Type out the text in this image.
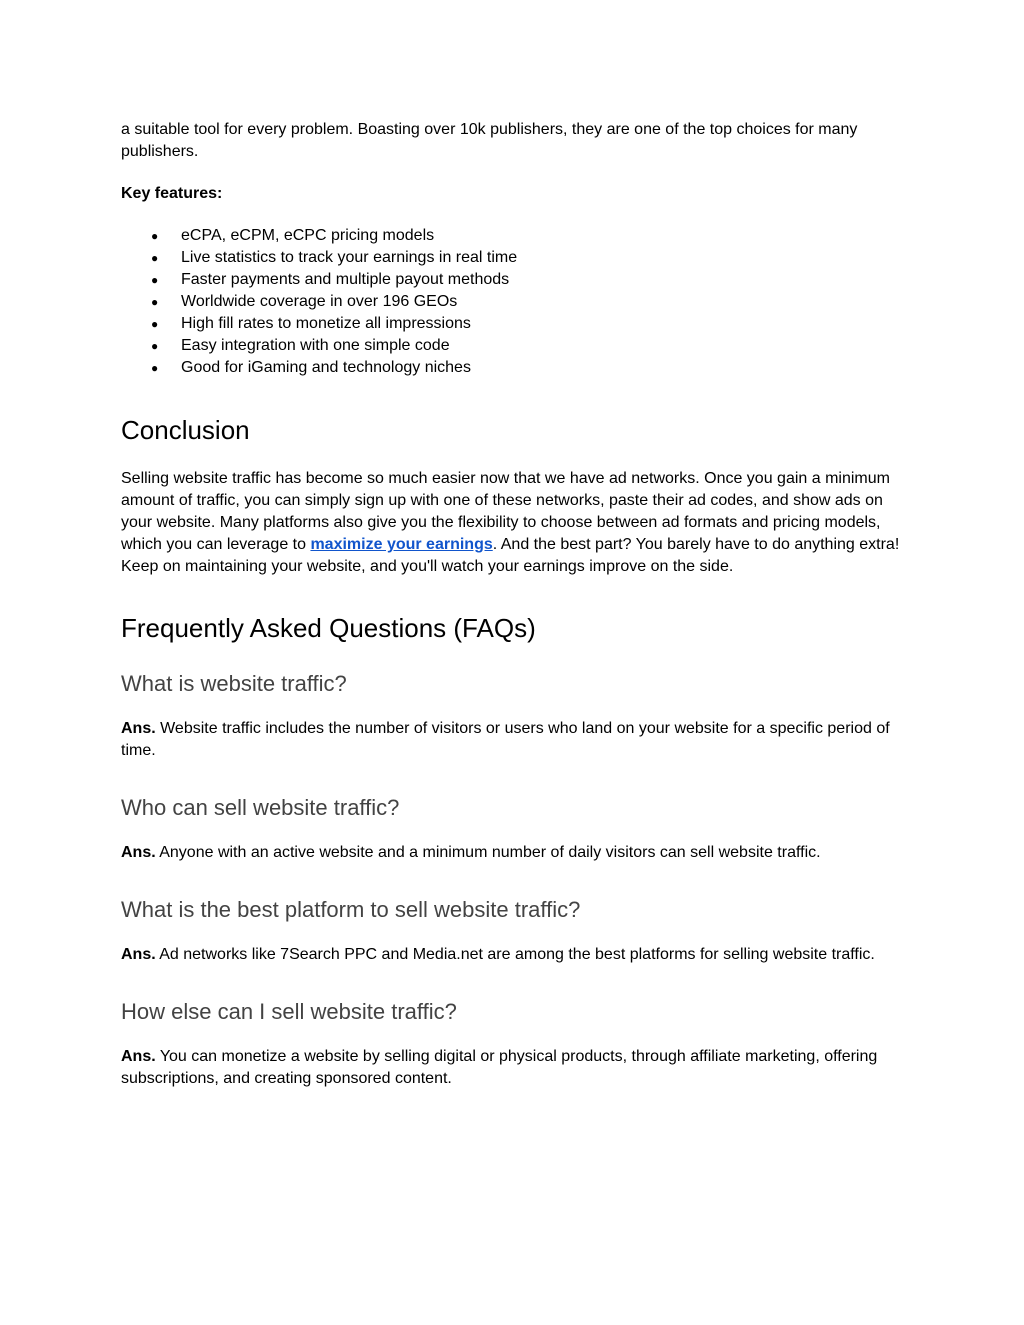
a suitable tool for every problem. Boasting over 10k publishers, they are one of the top choices for many publishers.

Key features:

● eCPA, eCPM, eCPC pricing models
● Live statistics to track your earnings in real time
● Faster payments and multiple payout methods
● Worldwide coverage in over 196 GEOs
● High fill rates to monetize all impressions
● Easy integration with one simple code
● Good for iGaming and technology niches
Conclusion

Selling website traffic has become so much easier now that we have ad networks. Once you gain a minimum amount of traffic, you can simply sign up with one of these networks, paste their ad codes, and show ads on your website. Many platforms also give you the flexibility to choose between ad formats and pricing models, which you can leverage to maximize your earnings. And the best part? You barely have to do anything extra! Keep on maintaining your website, and you'll watch your earnings improve on the side.

Frequently Asked Questions (FAQs)
What is website traffic?

Ans. Website traffic includes the number of visitors or users who land on your website for a specific period of time.

Who can sell website traffic?

Ans. Anyone with an active website and a minimum number of daily visitors can sell website traffic.

What is the best platform to sell website traffic?

Ans. Ad networks like 7Search PPC and Media.net are among the best platforms for selling website traffic.

How else can I sell website traffic?

Ans. You can monetize a website by selling digital or physical products, through affiliate marketing, offering subscriptions, and creating sponsored content.
